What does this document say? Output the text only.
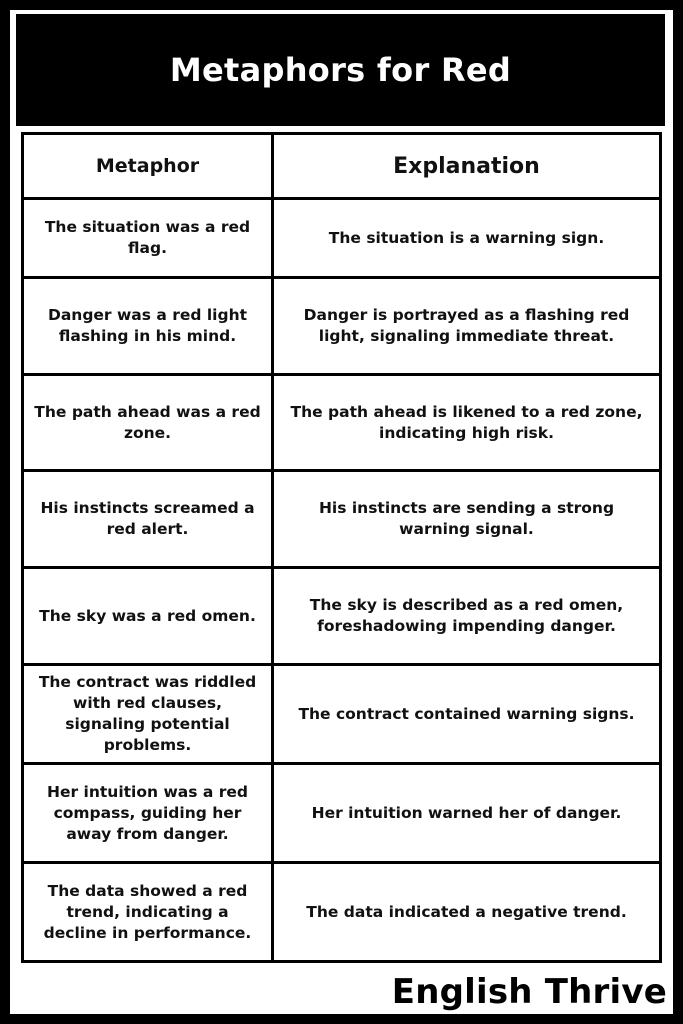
Metaphors for Red
Metaphor	Explanation
The situation was a red flag.	The situation is a warning sign.
Danger was a red light flashing in his mind.	Danger is portrayed as a flashing red light, signaling immediate threat.
The path ahead was a red zone.	The path ahead is likened to a red zone, indicating high risk.
His instincts screamed a red alert.	His instincts are sending a strong warning signal.
The sky was a red omen.	The sky is described as a red omen, foreshadowing impending danger.
The contract was riddled with red clauses, signaling potential problems.	The contract contained warning signs.
Her intuition was a red compass, guiding her away from danger.	Her intuition warned her of danger.
The data showed a red trend, indicating a decline in performance.	The data indicated a negative trend.
English Thrive
